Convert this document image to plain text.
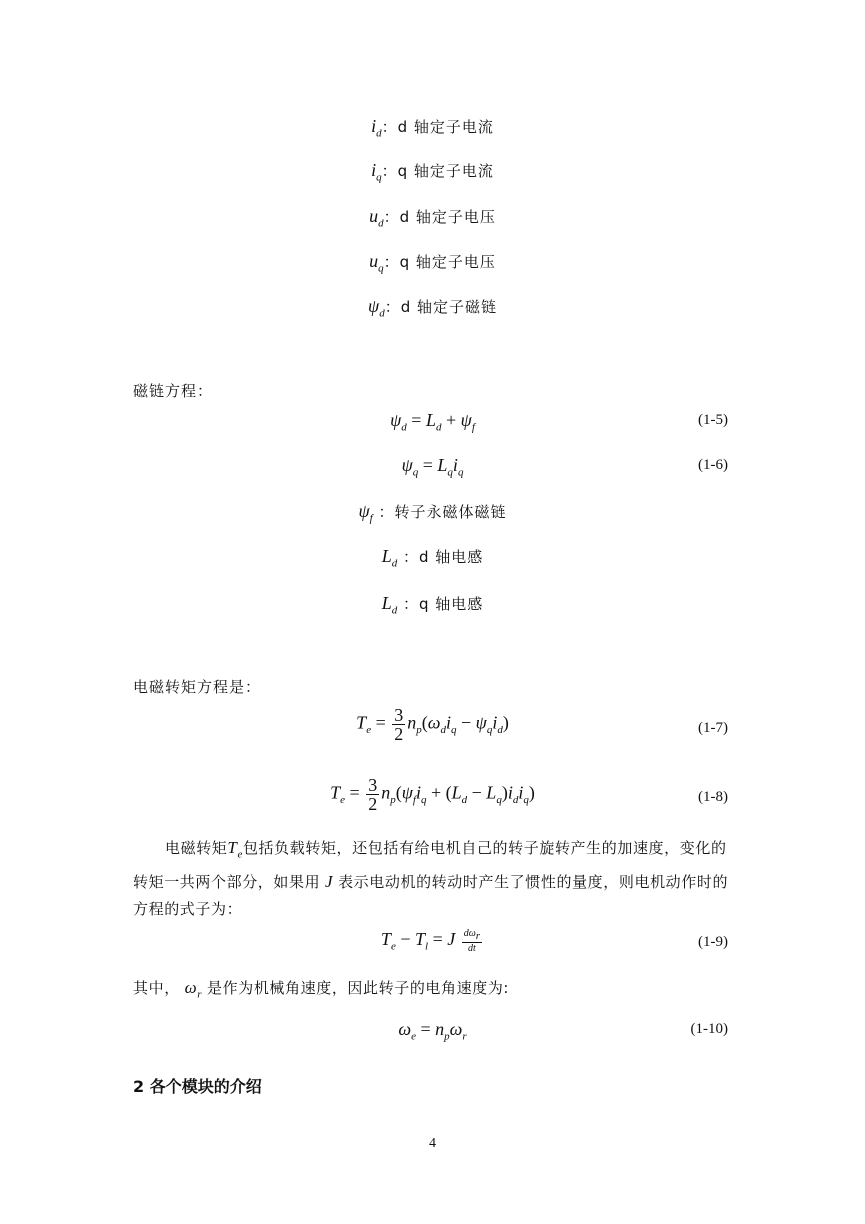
$i_d$：d 轴定子电流
$i_q$：q 轴定子电流
$u_d$：d 轴定子电压
$u_q$：q 轴定子电压
$\psi_d$：d 轴定子磁链
磁链方程：
$\psi_d = L_d + \psi_f$	(1-5)
$\psi_q = L_qi_q$	(1-6)
$\psi_f$ ：转子永磁体磁链
$L_d$ ：d 轴电感
$L_d$ ：q 轴电感
电磁转矩方程是：
$T_e = \frac{3}{2} n_p(\omega_di_q - \psi_qi_d)$	(1-7)
$T_e = \frac{3}{2} n_p(\psi_fi_q + (L_d - L_q)i_di_q)$	(1-8)
电磁转矩$T_e$包括负载转矩，还包括有给电机自己的转子旋转产生的加速度，变化的转矩一共两个部分，如果用 J 表示电动机的转动时产生了惯性的量度，则电机动作时的方程的式子为：
$T_e - T_l = J \frac{d\omega_r}{dt}$	(1-9)
其中， $\omega_r$ 是作为机械角速度，因此转子的电角速度为:
$\omega_e = n_p\omega_r$	(1-10)
2 各个模块的介绍
4
